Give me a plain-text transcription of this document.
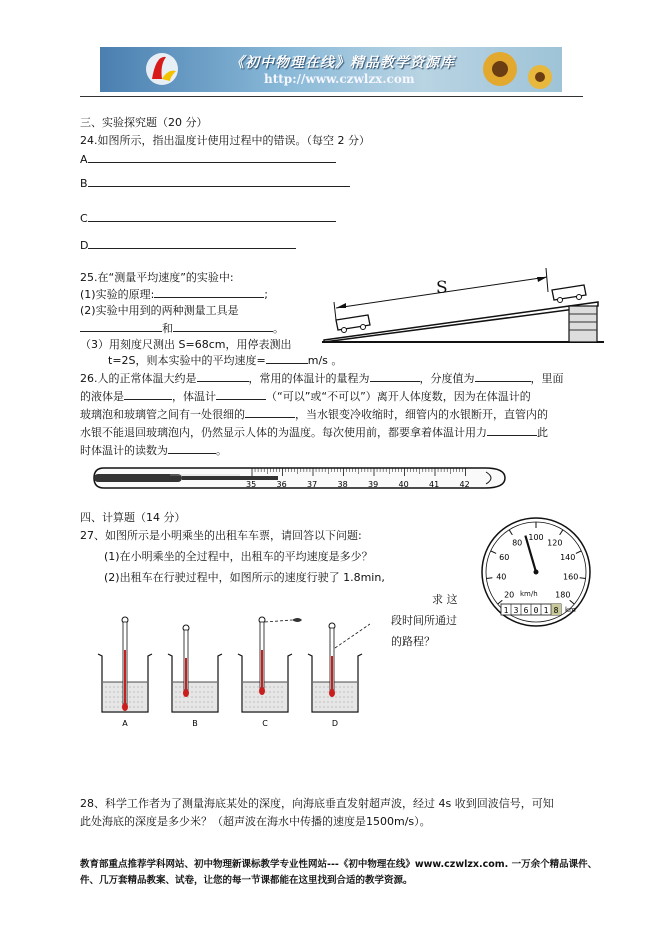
《初中物理在线》精品教学资源库
http://www.czwlzx.com
三、实验探究题（20 分）
24.如图所示，指出温度计使用过程中的错误。（每空 2 分）
A
B
C
D
25.在“测量平均速度”的实验中:
(1)实验的原理:	;
(2)实验中用到的两种测量工具是
和	。
（3）用刻度尺测出 S=68cm，用停表测出
t=2S，则本实验中的平均速度=	m/s 。
S
26.人的正常体温大约是	，常用的体温计的量程为	，分度值为	，里面
的液体是	，体温计	（“可以”或“不可以”）离开人体度数，因为在体温计的
玻璃泡和玻璃管之间有一处很细的	，当水银变冷收缩时，细管内的水银断开，直管内的
水银不能退回玻璃泡内，仍然显示人体的为温度。每次使用前，都要拿着体温计用力	此
时体温计的读数为	。
35	36	37	38	39	40	41	42
四、计算题（14 分）
27、如图所示是小明乘坐的出租车车票，请回答以下问题:
(1)在小明乘坐的全过程中，出租车的平均速度是多少？
(2)出租车在行驶过程中，如图所示的速度行驶了 1.8min,
求 这
段时间所通过
的路程？
20
40
60
80
100
120
140
160
180
1 3 6 0 1 8
km/h
km
A	B	C	D
28、科学工作者为了测量海底某处的深度，向海底垂直发射超声波，经过 4s 收到回波信号，可知
此处海底的深度是多少米？（超声波在海水中传播的速度是1500m/s）。
教育部重点推荐学科网站、初中物理新课标教学专业性网站---《初中物理在线》www.czwlzx.com. 一万余个精品课件、
件、几万套精品教案、试卷，让您的每一节课都能在这里找到合适的教学资源。
